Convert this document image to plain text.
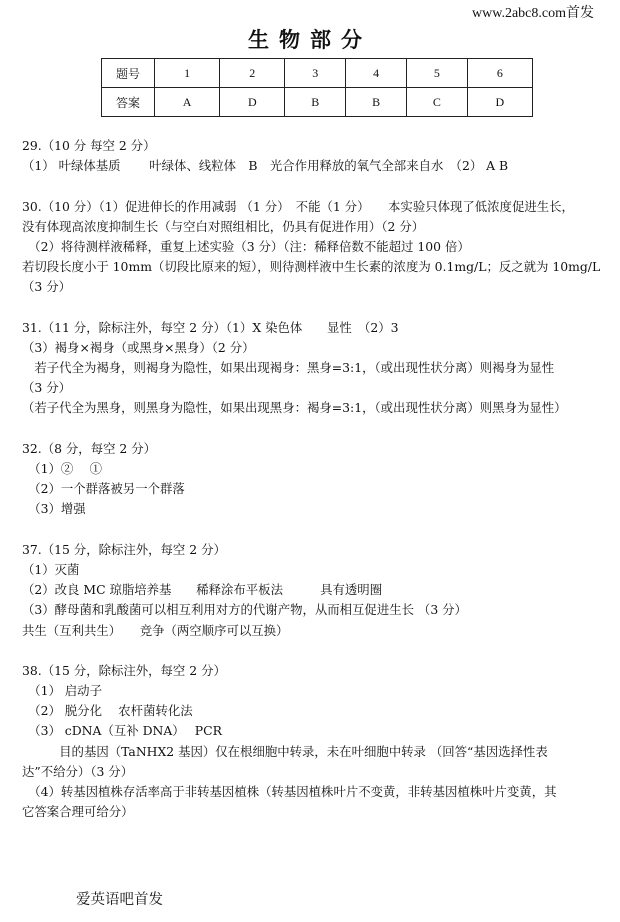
www.2abc8.com首发
生物部分
题号	1	2	3	4	5	6
答案	A	D	B	B	C	D
29.（10 分 每空 2 分）
（1） 叶绿体基质　　 叶绿体、线粒体　B　光合作用释放的氧气全部来自水　（2） A B
30.（10 分）（1）促进伸长的作用减弱 （1 分）　不能（1 分）　　本实验只体现了低浓度促进生长，
没有体现高浓度抑制生长（与空白对照组相比，仍具有促进作用）（2 分）
　（2）将待测样液稀释，重复上述实验（3 分）（注：稀释倍数不能超过 100 倍）
若切段长度小于 10mm（切段比原来的短），则待测样液中生长素的浓度为 0.1mg/L；反之就为 10mg/L
（3 分）
31.（11 分，除标注外，每空 2 分）（1）X 染色体　　显性　（2）3
（3）褐身×褐身（或黑身×黑身）（2 分）
　若子代全为褐身，则褐身为隐性，如果出现褐身：黑身=3:1，（或出现性状分离）则褐身为显性
（3 分）
（若子代全为黑身，则黑身为隐性，如果出现黑身：褐身=3:1，（或出现性状分离）则黑身为显性）
32.（8 分，每空 2 分）
　（1）②　 ①
　（2）一个群落被另一个群落
　（3）增强
37.（15 分，除标注外，每空 2 分）
（1）灭菌
（2）改良 MC 琼脂培养基　　稀释涂布平板法　　　具有透明圈
（3）酵母菌和乳酸菌可以相互利用对方的代谢产物，从而相互促进生长 （3 分）
共生（互利共生）　　竞争（两空顺序可以互换）
38.（15 分，除标注外，每空 2 分）
　（1） 启动子
　（2） 脱分化　 农杆菌转化法
　（3） cDNA（互补 DNA）　 PCR
　　　目的基因（TaNHX2 基因）仅在根细胞中转录，未在叶细胞中转录 （回答“基因选择性表
达”不给分）（3 分）
　（4）转基因植株存活率高于非转基因植株（转基因植株叶片不变黄，非转基因植株叶片变黄，其
它答案合理可给分）
爱英语吧首发
